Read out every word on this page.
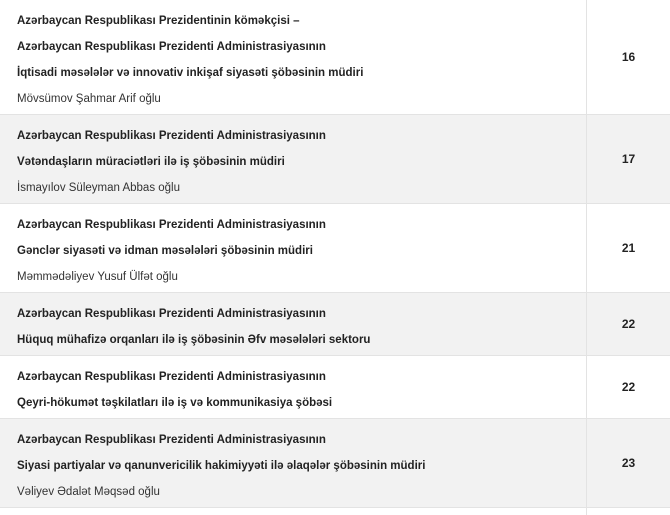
Azərbaycan Respublikası Prezidentinin köməkçisi –
Azərbaycan Respublikası Prezidenti Administrasiyasının
İqtisadi məsələlər və innovativ inkişaf siyasəti şöbəsinin müdiri
Mövsümov Şahmar Arif oğlu
16
Azərbaycan Respublikası Prezidenti Administrasiyasının
Vətəndaşların müraciətləri ilə iş şöbəsinin müdiri
İsmayılov Süleyman Abbas oğlu
17
Azərbaycan Respublikası Prezidenti Administrasiyasının
Gənclər siyasəti və idman məsələləri şöbəsinin müdiri
Məmmədəliyev Yusuf Ülfət oğlu
21
Azərbaycan Respublikası Prezidenti Administrasiyasının
Hüquq mühafizə orqanları ilə iş şöbəsinin Əfv məsələləri sektoru
22
Azərbaycan Respublikası Prezidenti Administrasiyasının
Qeyri-hökumət təşkilatları ilə iş və kommunikasiya şöbəsi
22
Azərbaycan Respublikası Prezidenti Administrasiyasının
Siyasi partiyalar və qanunvericilik hakimiyyəti ilə əlaqələr şöbəsinin müdiri
Vəliyev Ədalət Məqsəd oğlu
23
